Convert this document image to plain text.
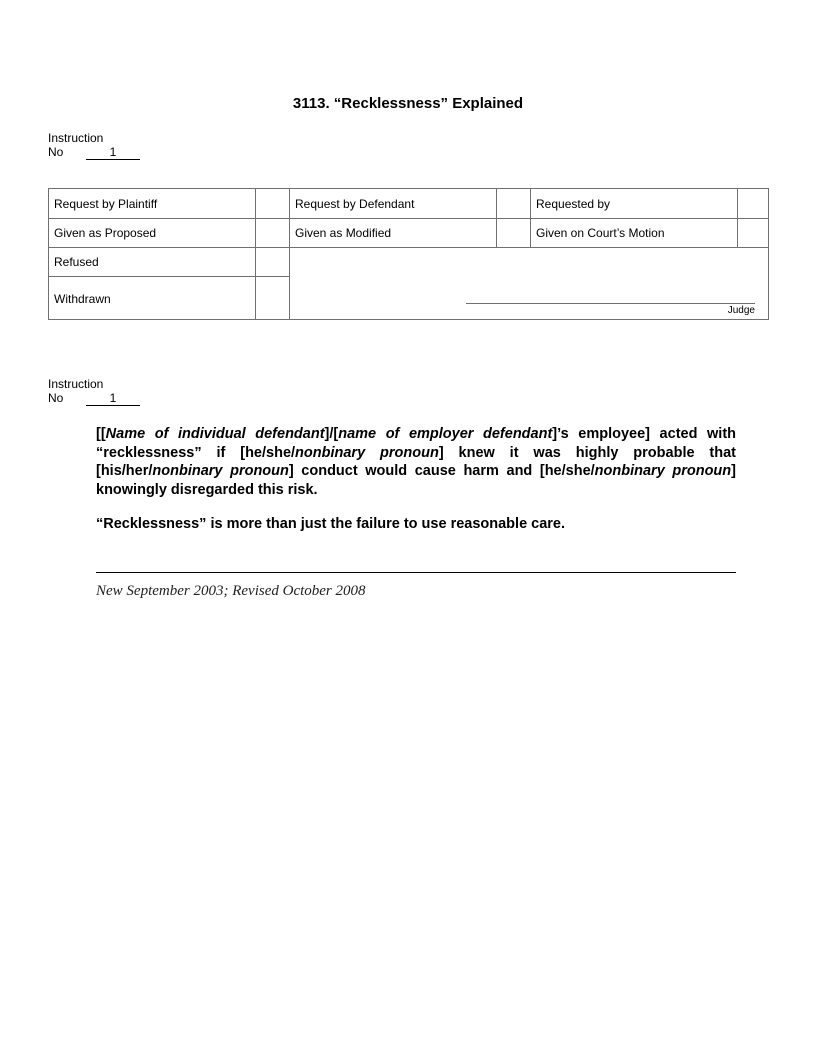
3113. “Recklessness” Explained
Instruction
No	1
Request by Plaintiff	Request by Defendant	Requested by
Given as Proposed	Given as Modified	Given on Court’s Motion
Refused
Withdrawn
Judge
Instruction
No	1

[[Name of individual defendant]/[name of employer defendant]’s employee] acted with “recklessness” if [he/she/nonbinary pronoun] knew it was highly probable that [his/her/nonbinary pronoun] conduct would cause harm and [he/she/nonbinary pronoun] knowingly disregarded this risk.

“Recklessness” is more than just the failure to use reasonable care.

New September 2003; Revised October 2008
